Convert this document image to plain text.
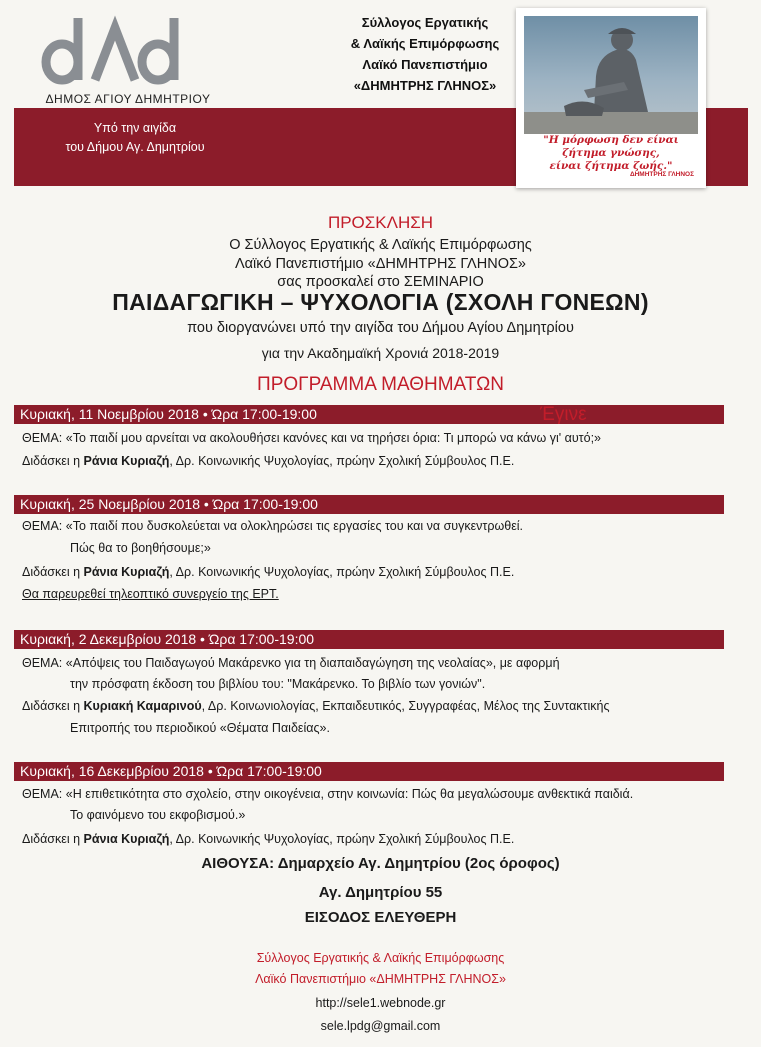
ΔΗΜΟΣ ΑΓΙΟΥ ΔΗΜΗΤΡΙΟΥ
Σύλλογος Εργατικής
& Λαϊκής Επιμόρφωσης
Λαϊκό Πανεπιστήμιο
«ΔΗΜΗΤΡΗΣ ΓΛΗΝΟΣ»
Υπό την αιγίδα
του Δήμου Αγ. Δημητρίου	"Η μόρφωση δεν είναι ζήτημα γνώσης,
είναι ζήτημα ζωής."
ΔΗΜΗΤΡΗΣ ΓΛΗΝΟΣ
ΠΡΟΣΚΛΗΣΗ
Ο Σύλλογος Εργατικής & Λαϊκής Επιμόρφωσης
Λαϊκό Πανεπιστήμιο «ΔΗΜΗΤΡΗΣ ΓΛΗΝΟΣ»
σας προσκαλεί στο ΣΕΜΙΝΑΡΙΟ
ΠΑΙΔΑΓΩΓΙΚΗ – ΨΥΧΟΛΟΓΙΑ (ΣΧΟΛΗ ΓΟΝΕΩΝ)
που διοργανώνει υπό την αιγίδα του Δήμου Αγίου Δημητρίου
για την Ακαδημαϊκή Χρονιά 2018-2019
ΠΡΟΓΡΑΜΜΑ ΜΑΘΗΜΑΤΩΝ
Κυριακή, 11 Νοεμβρίου 2018 • Ώρα 17:00-19:00	Έγινε
ΘΕΜΑ: «Το παιδί μου αρνείται να ακολουθήσει κανόνες και να τηρήσει όρια: Τι μπορώ να κάνω γι' αυτό;»
Διδάσκει η Ράνια Κυριαζή, Δρ. Κοινωνικής Ψυχολογίας, πρώην Σχολική Σύμβουλος Π.Ε.
Κυριακή, 25 Νοεμβρίου 2018 • Ώρα 17:00-19:00
ΘΕΜΑ: «Το παιδί που δυσκολεύεται να ολοκληρώσει τις εργασίες του και να συγκεντρωθεί.
Πώς θα το βοηθήσουμε;»
Διδάσκει η Ράνια Κυριαζή, Δρ. Κοινωνικής Ψυχολογίας, πρώην Σχολική Σύμβουλος Π.Ε.
Θα παρευρεθεί τηλεοπτικό συνεργείο της ΕΡΤ.
Κυριακή, 2 Δεκεμβρίου 2018 • Ώρα 17:00-19:00
ΘΕΜΑ: «Απόψεις του Παιδαγωγού Μακάρενκο για τη διαπαιδαγώγηση της νεολαίας», με αφορμή
την πρόσφατη έκδοση του βιβλίου του: "Μακάρενκο. Το βιβλίο των γονιών".
Διδάσκει η Κυριακή Καμαρινού, Δρ. Κοινωνιολογίας, Εκπαιδευτικός, Συγγραφέας, Μέλος της Συντακτικής
Επιτροπής του περιοδικού «Θέματα Παιδείας».
Κυριακή, 16 Δεκεμβρίου 2018 • Ώρα 17:00-19:00
ΘΕΜΑ: «Η επιθετικότητα στο σχολείο, στην οικογένεια, στην κοινωνία: Πώς θα μεγαλώσουμε ανθεκτικά παιδιά.
Το φαινόμενο του εκφοβισμού.»
Διδάσκει η Ράνια Κυριαζή, Δρ. Κοινωνικής Ψυχολογίας, πρώην Σχολική Σύμβουλος Π.Ε.
ΑΙΘΟΥΣΑ: Δημαρχείο Αγ. Δημητρίου (2ος όροφος)
Αγ. Δημητρίου 55
ΕΙΣΟΔΟΣ ΕΛΕΥΘΕΡΗ
Σύλλογος Εργατικής & Λαϊκής Επιμόρφωσης
Λαϊκό Πανεπιστήμιο «ΔΗΜΗΤΡΗΣ ΓΛΗΝΟΣ»
http://sele1.webnode.gr
sele.lpdg@gmail.com
